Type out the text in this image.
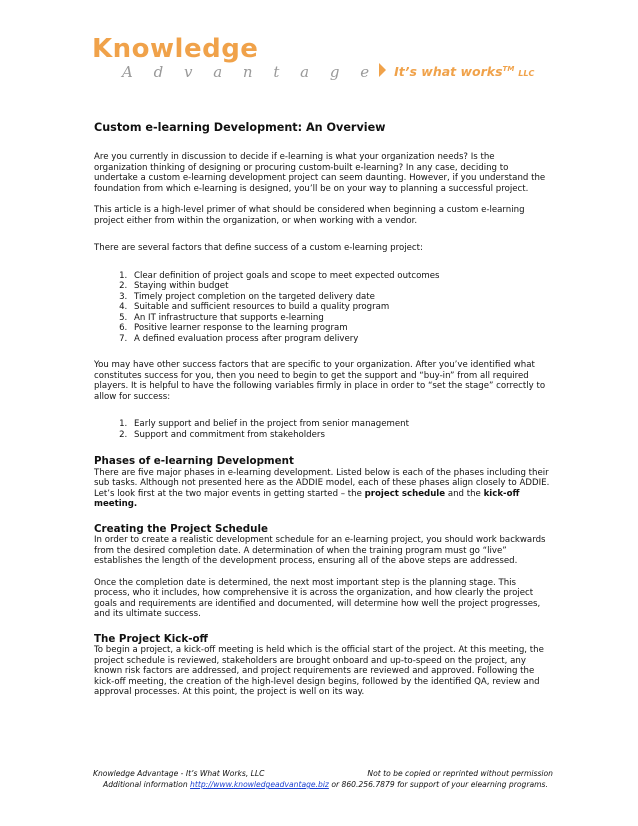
Knowledge
A d v a n t a g e It’s what works™LLC
Custom e-learning Development: An Overview

Are you currently in discussion to decide if e-learning is what your organization needs? Is the organization thinking of designing or procuring custom-built e-learning? In any case, deciding to undertake a custom e-learning development project can seem daunting. However, if you understand the foundation from which e-learning is designed, you’ll be on your way to planning a successful project.

This article is a high-level primer of what should be considered when beginning a custom e-learning project either from within the organization, or when working with a vendor.

There are several factors that define success of a custom e-learning project:

1. Clear definition of project goals and scope to meet expected outcomes
2. Staying within budget
3. Timely project completion on the targeted delivery date
4. Suitable and sufficient resources to build a quality program
5. An IT infrastructure that supports e-learning
6. Positive learner response to the learning program
7. A defined evaluation process after program delivery

You may have other success factors that are specific to your organization. After you’ve identified what constitutes success for you, then you need to begin to get the support and “buy-in” from all required players. It is helpful to have the following variables firmly in place in order to “set the stage” correctly to allow for success:

1. Early support and belief in the project from senior management
2. Support and commitment from stakeholders
Phases of e-learning Development

There are five major phases in e-learning development. Listed below is each of the phases including their sub tasks. Although not presented here as the ADDIE model, each of these phases align closely to ADDIE. Let’s look first at the two major events in getting started – the project schedule and the kick-off meeting.

Creating the Project Schedule

In order to create a realistic development schedule for an e-learning project, you should work backwards from the desired completion date. A determination of when the training program must go “live” establishes the length of the development process, ensuring all of the above steps are addressed.

Once the completion date is determined, the next most important step is the planning stage. This process, who it includes, how comprehensive it is across the organization, and how clearly the project goals and requirements are identified and documented, will determine how well the project progresses, and its ultimate success.

The Project Kick-off

To begin a project, a kick-off meeting is held which is the official start of the project. At this meeting, the project schedule is reviewed, stakeholders are brought onboard and up-to-speed on the project, any known risk factors are addressed, and project requirements are reviewed and approved. Following the kick-off meeting, the creation of the high-level design begins, followed by the identified QA, review and approval processes. At this point, the project is well on its way.

Knowledge Advantage - It’s What Works, LLC	Not to be copied or reprinted without permission
Additional information http://www.knowledgeadvantage.biz or 860.256.7879 for support of your elearning programs.
